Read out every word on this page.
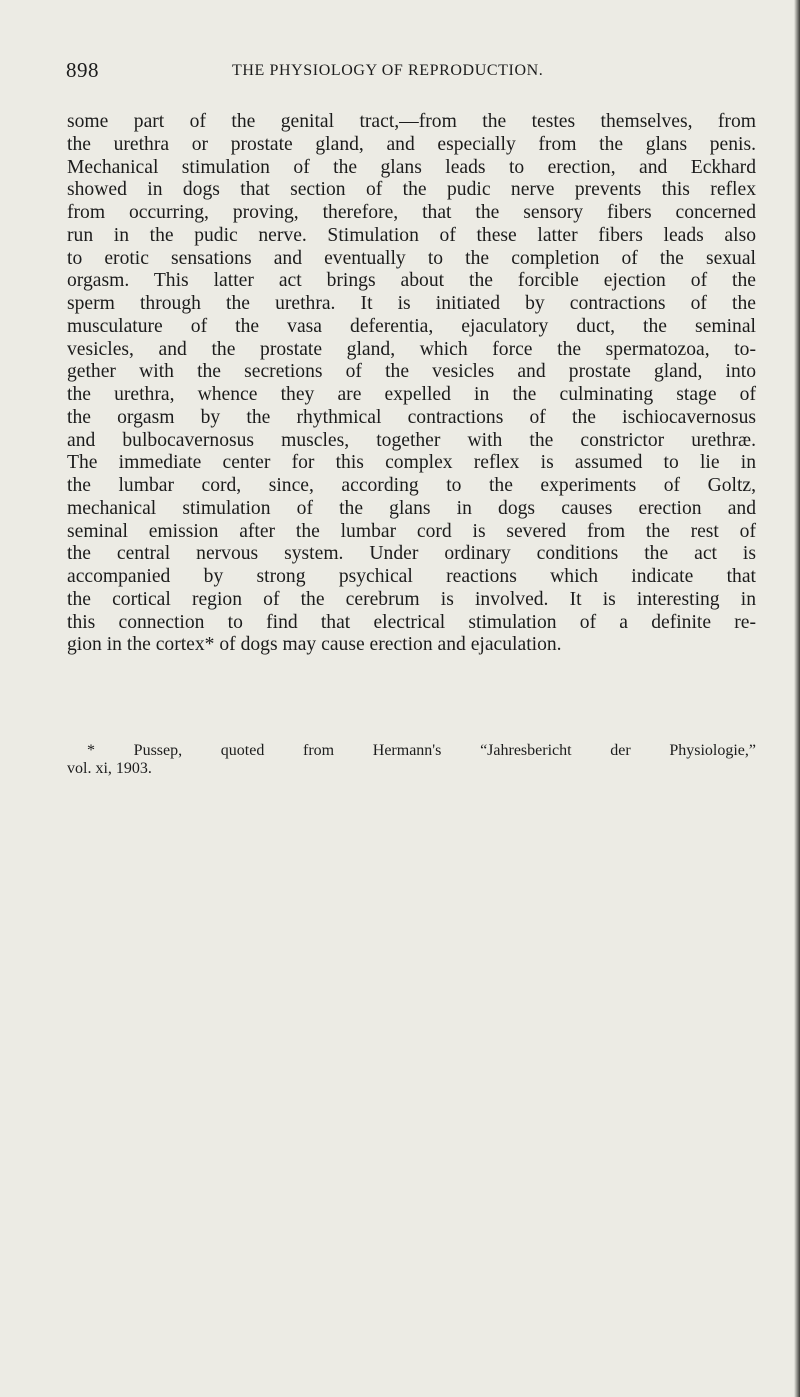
898	THE PHYSIOLOGY OF REPRODUCTION.
some part of the genital tract,—from the testes themselves, from
the urethra or prostate gland, and especially from the glans penis.
Mechanical stimulation of the glans leads to erection, and Eckhard
showed in dogs that section of the pudic nerve prevents this reflex
from occurring, proving, therefore, that the sensory fibers concerned
run in the pudic nerve. Stimulation of these latter fibers leads also
to erotic sensations and eventually to the completion of the sexual
orgasm. This latter act brings about the forcible ejection of the
sperm through the urethra. It is initiated by contractions of the
musculature of the vasa deferentia, ejaculatory duct, the seminal
vesicles, and the prostate gland, which force the spermatozoa, to-
gether with the secretions of the vesicles and prostate gland, into
the urethra, whence they are expelled in the culminating stage of
the orgasm by the rhythmical contractions of the ischiocavernosus
and bulbocavernosus muscles, together with the constrictor urethræ.
The immediate center for this complex reflex is assumed to lie in
the lumbar cord, since, according to the experiments of Goltz,
mechanical stimulation of the glans in dogs causes erection and
seminal emission after the lumbar cord is severed from the rest of
the central nervous system. Under ordinary conditions the act is
accompanied by strong psychical reactions which indicate that
the cortical region of the cerebrum is involved. It is interesting in
this connection to find that electrical stimulation of a definite re-
gion in the cortex* of dogs may cause erection and ejaculation.
* Pussep, quoted from Hermann's “Jahresbericht der Physiologie,”
vol. xi, 1903.
